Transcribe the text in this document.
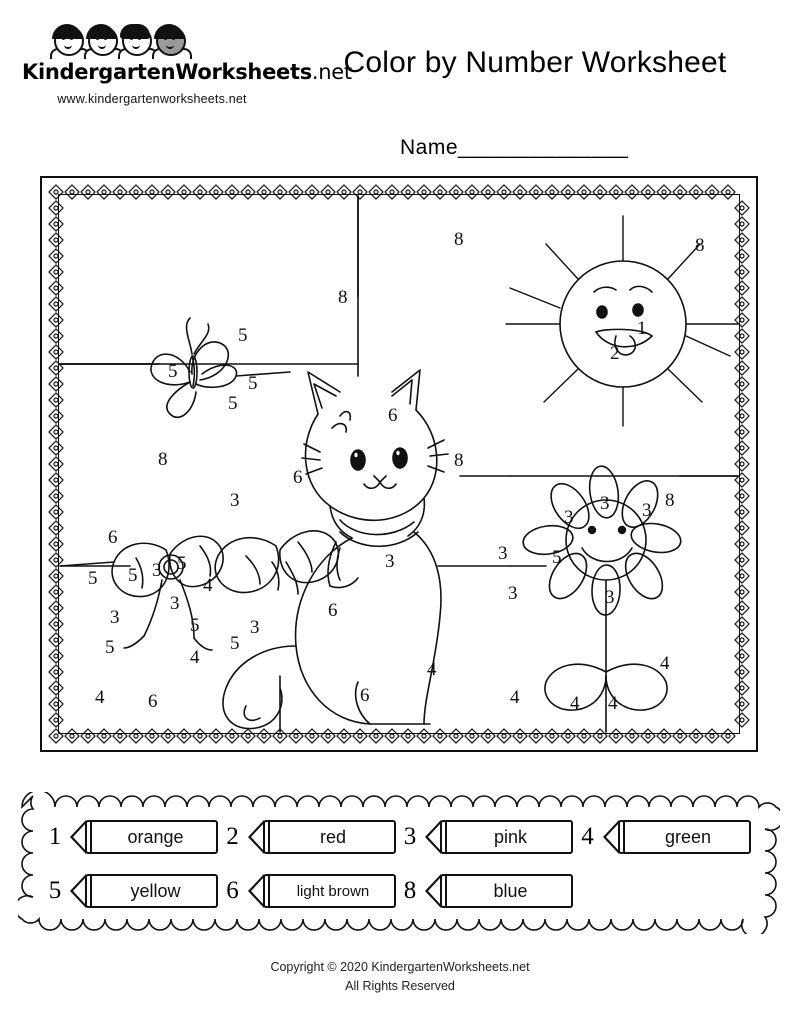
KindergartenWorksheets.net
www.kindergartenworksheets.net
Color by Number Worksheet
Name______________
8
8	8
1
2
5
5
5
5
8	8
8
6
6
3
3
6
4
6
6
5 5 3 5
4
3
3
5
5	4
3
5
4 6
3
3 3
3 5
3	3
4
4 4
4
1	orange 2	red 3	pink 4	green
5	yellow 6	light brown 8	blue
Copyright © 2020 KindergartenWorksheets.net
All Rights Reserved
